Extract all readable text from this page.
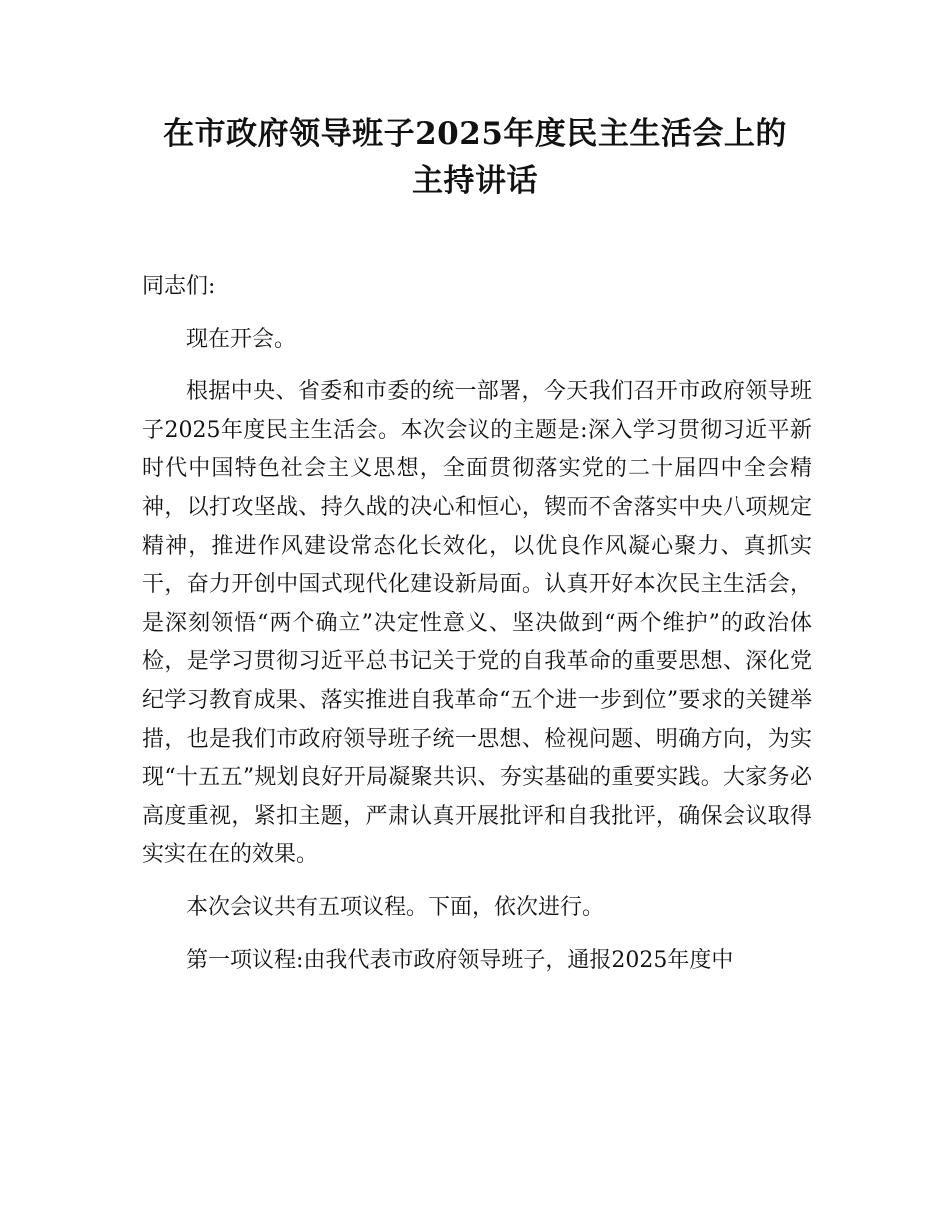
在市政府领导班子2025年度民主生活会上的
主持讲话

同志们:

现在开会。

根据中央、省委和市委的统一部署，今天我们召开市政府领导班子2025年度民主生活会。本次会议的主题是:深入学习贯彻习近平新时代中国特色社会主义思想，全面贯彻落实党的二十届四中全会精神，以打攻坚战、持久战的决心和恒心，锲而不舍落实中央八项规定精神，推进作风建设常态化长效化，以优良作风凝心聚力、真抓实干，奋力开创中国式现代化建设新局面。认真开好本次民主生活会，是深刻领悟“两个确立”决定性意义、坚决做到“两个维护”的政治体检，是学习贯彻习近平总书记关于党的自我革命的重要思想、深化党纪学习教育成果、落实推进自我革命“五个进一步到位”要求的关键举措，也是我们市政府领导班子统一思想、检视问题、明确方向，为实现“十五五”规划良好开局凝聚共识、夯实基础的重要实践。大家务必高度重视，紧扣主题，严肃认真开展批评和自我批评，确保会议取得实实在在的效果。

本次会议共有五项议程。下面，依次进行。

第一项议程:由我代表市政府领导班子，通报2025年度中
